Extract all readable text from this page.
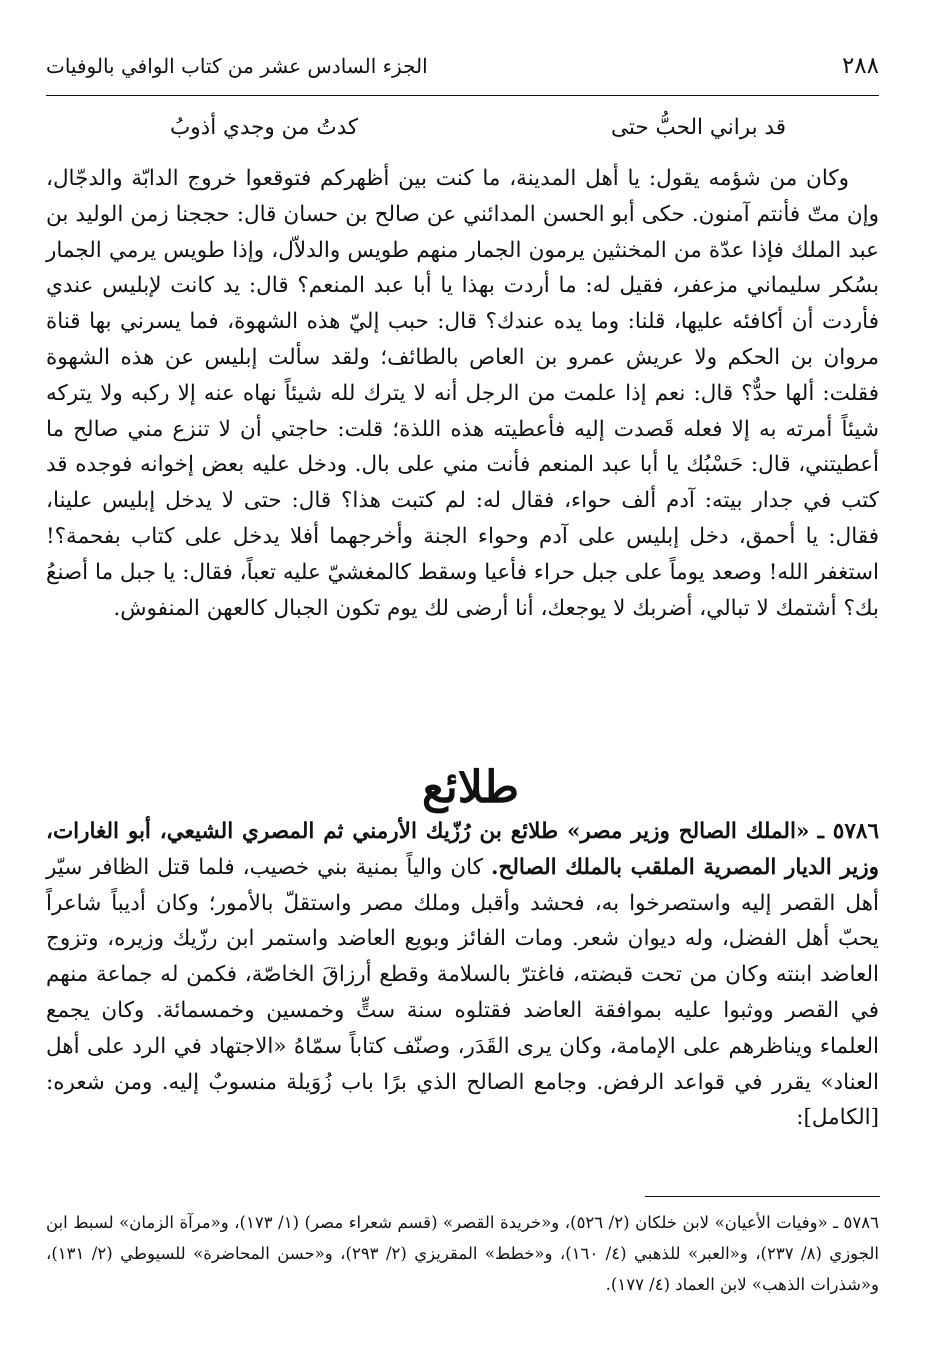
٢٨٨
الجزء السادس عشر من كتاب الوافي بالوفيات
قد براني الحبُّ حتى
كدتُ من وجدي أذوبُ

وكان من شؤمه يقول: يا أهل المدينة، ما كنت بين أظهركم فتوقعوا خروج الدابّة والدجّال، وإن متّ فأنتم آمنون. حكى أبو الحسن المدائني عن صالح بن حسان قال: حججنا زمن الوليد بن عبد الملك فإذا عدّة من المخنثين يرمون الجمار منهم طويس والدلاّل، وإذا طويس يرمي الجمار بسُكر سليماني مزعفر، فقيل له: ما أردت بهذا يا أبا عبد المنعم؟ قال: يد كانت لإبليس عندي فأردت أن أكافئه عليها، قلنا: وما يده عندك؟ قال: حبب إليّ هذه الشهوة، فما يسرني بها قناة مروان بن الحكم ولا عريش عمرو بن العاص بالطائف؛ ولقد سألت إبليس عن هذه الشهوة فقلت: ألها حدٌّ؟ قال: نعم إذا علمت من الرجل أنه لا يترك لله شيئاً نهاه عنه إلا ركبه ولا يتركه شيئاً أمرته به إلا فعله قَصدت إليه فأعطيته هذه اللذة؛ قلت: حاجتي أن لا تنزع مني صالح ما أعطيتني، قال: حَسْبُك يا أبا عبد المنعم فأنت مني على بال. ودخل عليه بعض إخوانه فوجده قد كتب في جدار بيته: آدم ألف حواء، فقال له: لم كتبت هذا؟ قال: حتى لا يدخل إبليس علينا، فقال: يا أحمق، دخل إبليس على آدم وحواء الجنة وأخرجهما أفلا يدخل على كتاب بفحمة؟! استغفر الله! وصعد يوماً على جبل حراء فأعيا وسقط كالمغشيّ عليه تعباً، فقال: يا جبل ما أصنعُ بك؟ أشتمك لا تبالي، أضربك لا يوجعك، أنا أرضى لك يوم تكون الجبال كالعهن المنفوش.

طلائع

٥٧٨٦ ـ «الملك الصالح وزير مصر» طلائع بن رُزّيك الأرمني ثم المصري الشيعي، أبو الغارات، وزير الديار المصرية الملقب بالملك الصالح. كان والياً بمنية بني خصيب، فلما قتل الظافر سيّر أهل القصر إليه واستصرخوا به، فحشد وأقبل وملك مصر واستقلّ بالأمور؛ وكان أديباً شاعراً يحبّ أهل الفضل، وله ديوان شعر. ومات الفائز وبويع العاضد واستمر ابن رزّيك وزيره، وتزوج العاضد ابنته وكان من تحت قبضته، فاغترّ بالسلامة وقطع أرزاقَ الخاصّة، فكمن له جماعة منهم في القصر ووثبوا عليه بموافقة العاضد فقتلوه سنة ستٍّ وخمسين وخمسمائة. وكان يجمع العلماء ويناظرهم على الإمامة، وكان يرى القَدَر، وصنّف كتاباً سمّاهُ «الاجتهاد في الرد على أهل العناد» يقرر في قواعد الرفض. وجامع الصالح الذي برًا باب زُوَيلة منسوبٌ إليه. ومن شعره: [الكامل]:

٥٧٨٦ ـ «وفيات الأعيان» لابن خلكان (٢/ ٥٢٦)، و«خريدة القصر» (قسم شعراء مصر) (١/ ١٧٣)، و«مرآة الزمان» لسبط ابن الجوزي (٨/ ٢٣٧)، و«العبر» للذهبي (٤/ ١٦٠)، و«خطط» المقريزي (٢/ ٢٩٣)، و«حسن المحاضرة» للسيوطي (٢/ ١٣١)، و«شذرات الذهب» لابن العماد (٤/ ١٧٧).
